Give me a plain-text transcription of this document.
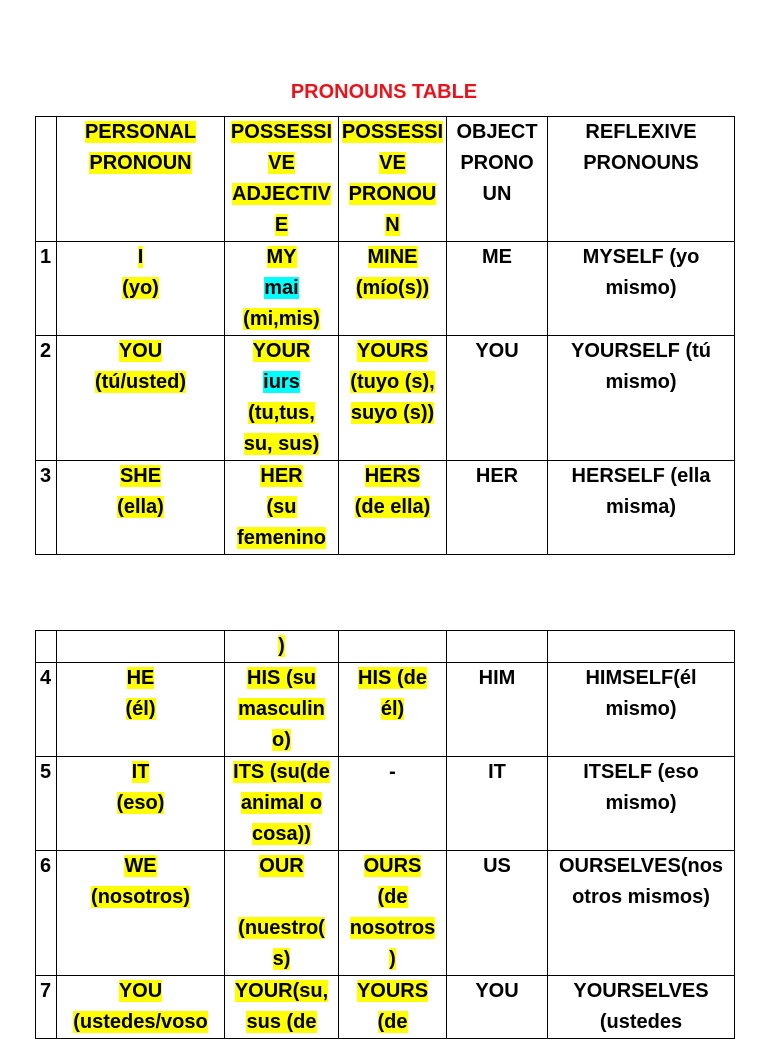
PRONOUNS TABLE

	PERSONAL
PRONOUN	POSSESSI
VE
ADJECTIV
E	POSSESSI
VE
PRONOU
N	OBJECT
PRONO
UN	REFLEXIVE
PRONOUNS

1	I
(yo)	MY
mai
(mi,mis)	MINE
(mío(s))	ME	MYSELF (yo
mismo)

2	YOU
(tú/usted)	YOUR
iurs
(tu,tus,
su, sus)	YOURS
(tuyo (s),
suyo (s))	YOU	YOURSELF (tú
mismo)

3	SHE
(ella)	HER
(su
femenino	HERS
(de ella)	HER	HERSELF (ella
misma)

		)			

4	HE
(él)	HIS (su
masculin
o)	HIS (de
él)	HIM	HIMSELF(él
mismo)

5	IT
(eso)	ITS (su(de
animal o
cosa))	-	IT	ITSELF (eso
mismo)

6	WE
(nosotros)	OUR

(nuestro(
s)	OURS
(de
nosotros
)	US	OURSELVES(nos
otros mismos)

7	YOU
(ustedes/voso	YOUR(su,
sus (de	YOURS
(de	YOU	YOURSELVES
(ustedes
